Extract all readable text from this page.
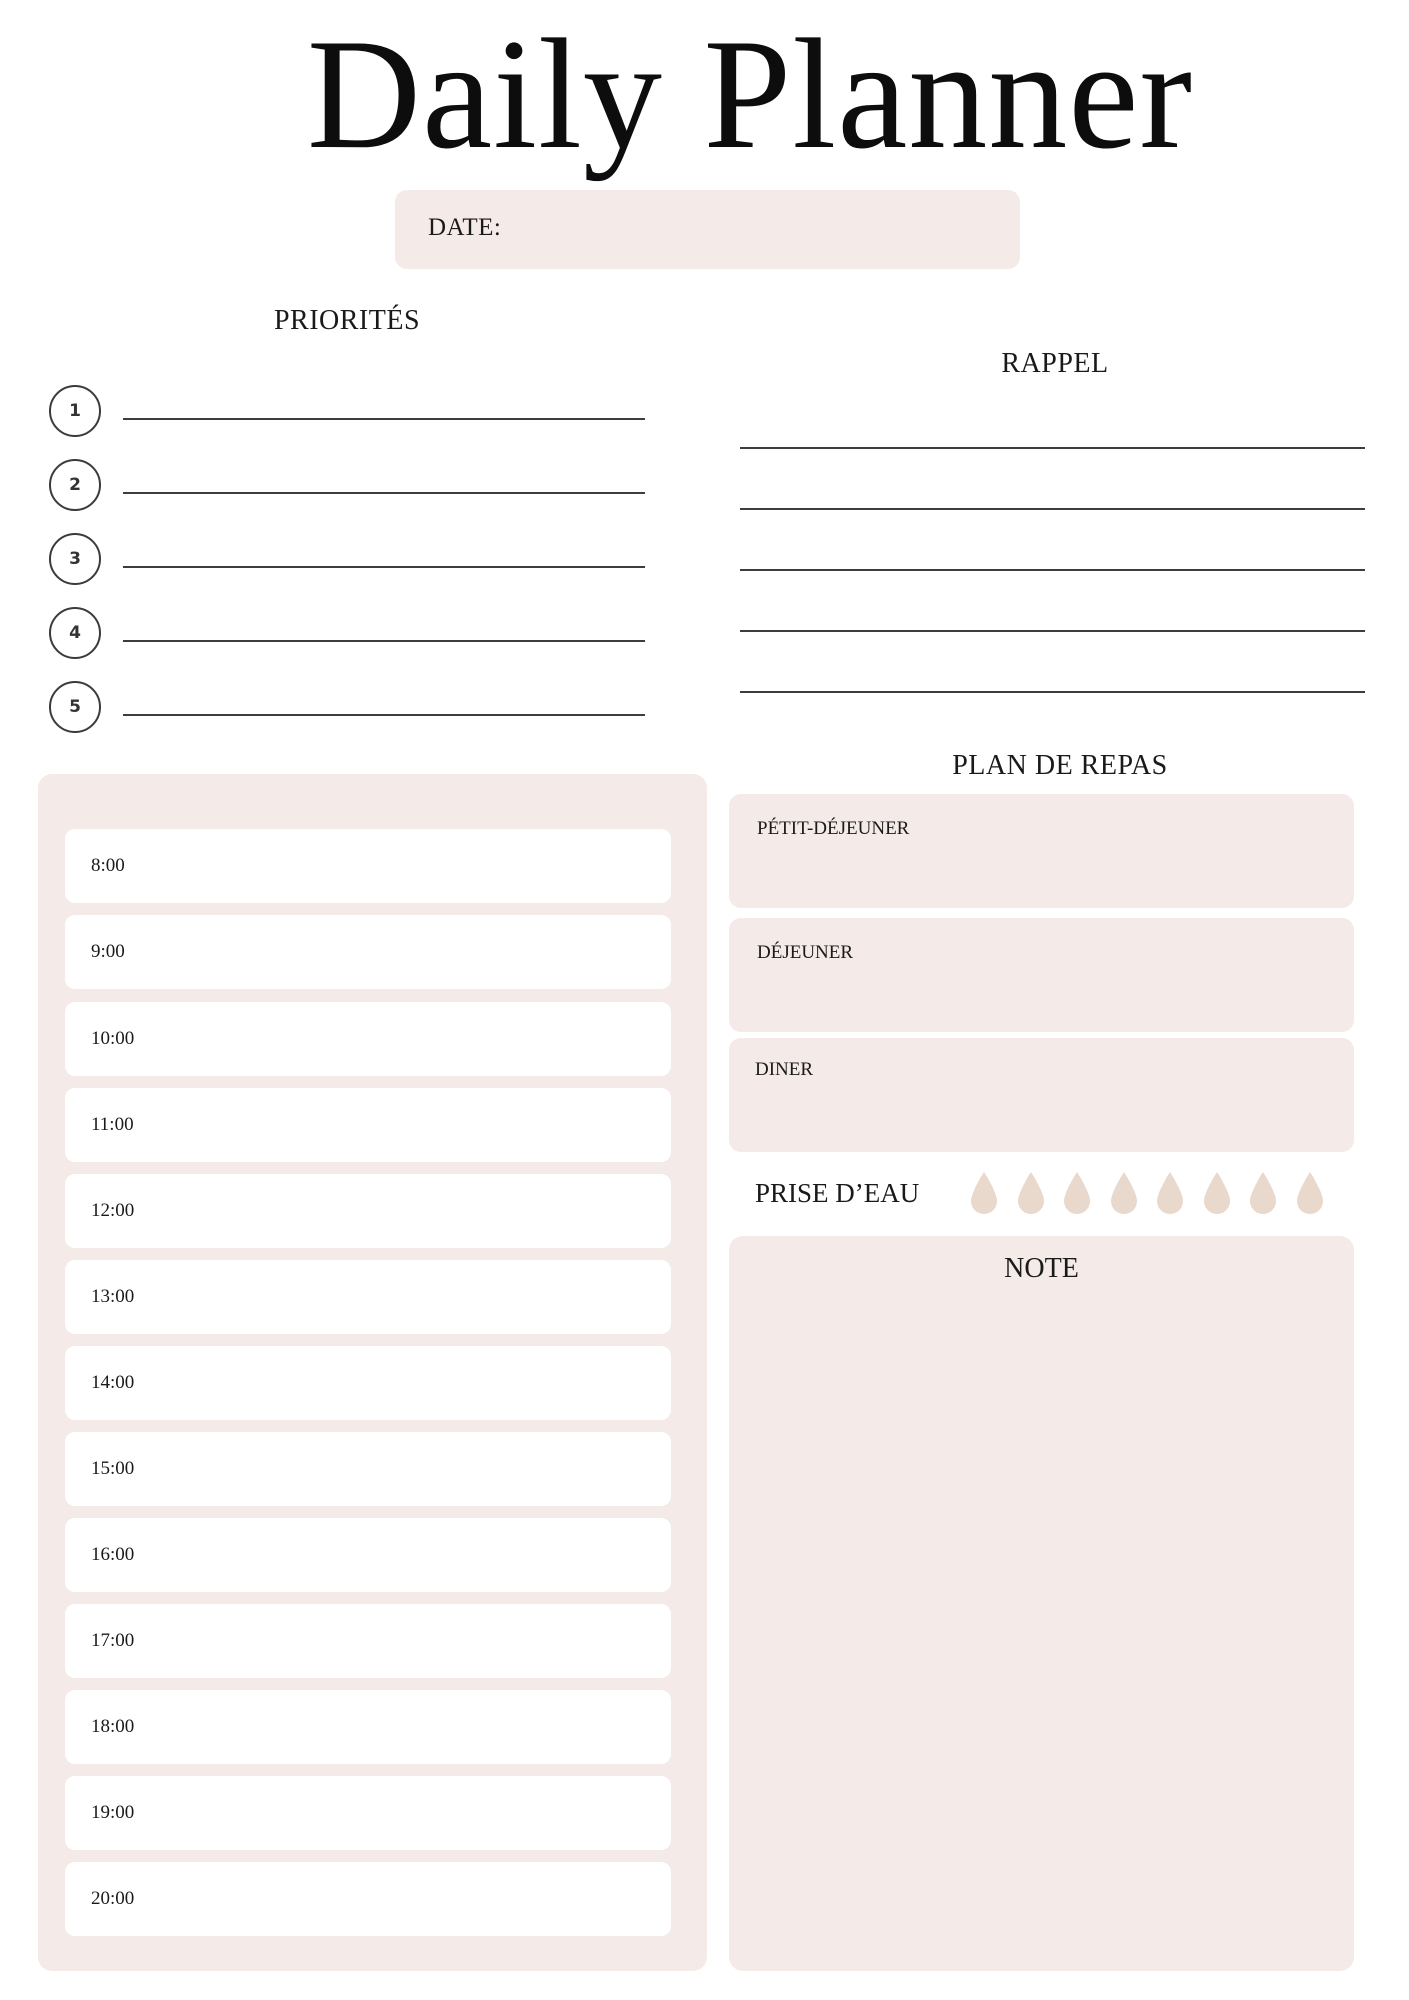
Daily Planner
DATE:
PRIORITÉS
1
2
3
4
5
RAPPEL
8:00
9:00
10:00
11:00
12:00
13:00
14:00
15:00
16:00
17:00
18:00
19:00
20:00
PLAN DE REPAS
PÉTIT-DÉJEUNER
DÉJEUNER
DINER
PRISE D’EAU
NOTE
